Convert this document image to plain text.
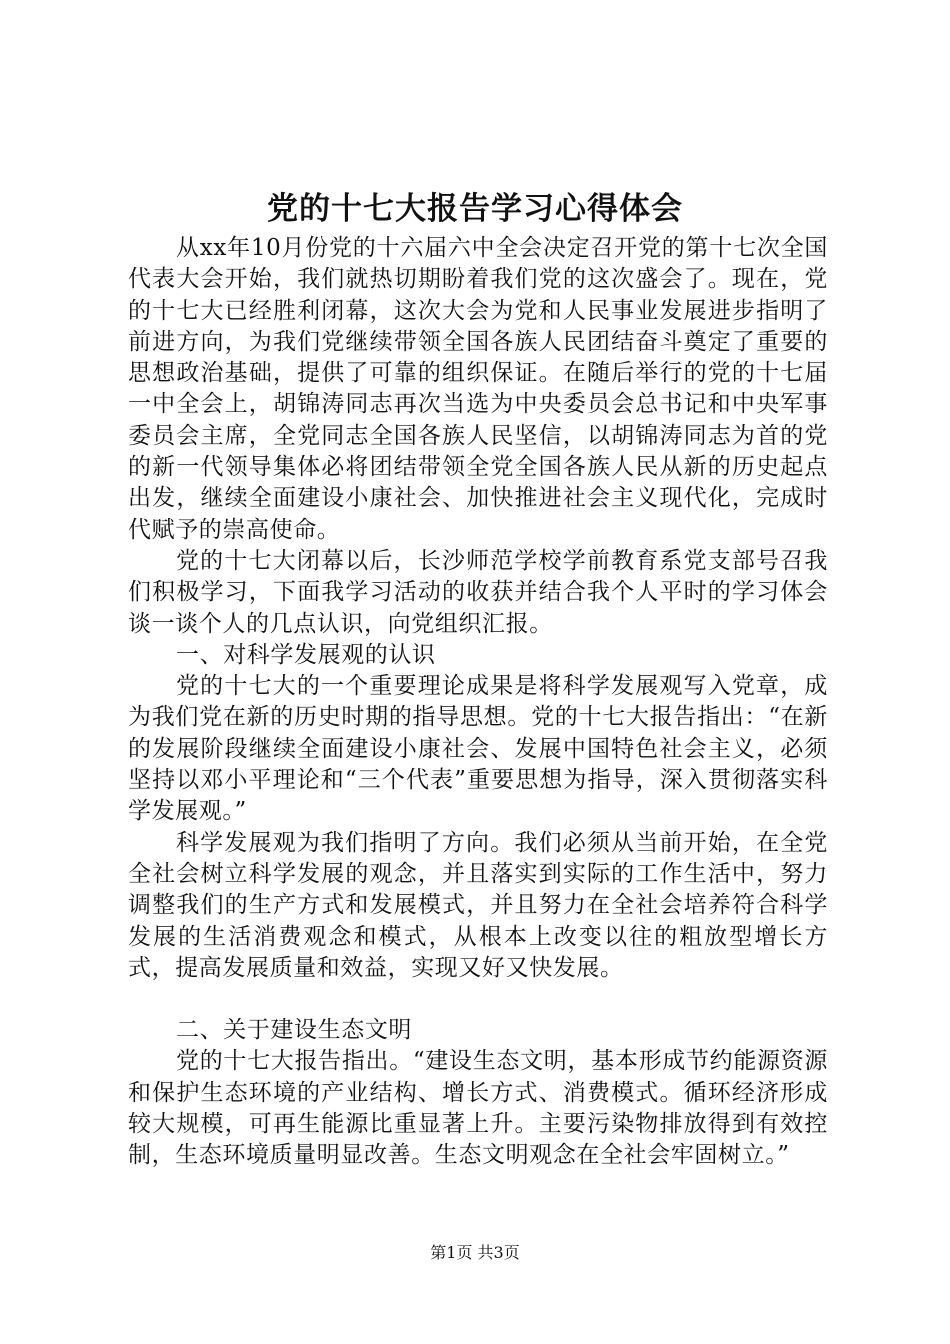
党的十七大报告学习心得体会

从xx年10月份党的十六届六中全会决定召开党的第十七次全国代表大会开始，我们就热切期盼着我们党的这次盛会了。现在，党的十七大已经胜利闭幕，这次大会为党和人民事业发展进步指明了前进方向，为我们党继续带领全国各族人民团结奋斗奠定了重要的思想政治基础，提供了可靠的组织保证。在随后举行的党的十七届一中全会上，胡锦涛同志再次当选为中央委员会总书记和中央军事委员会主席，全党同志全国各族人民坚信，以胡锦涛同志为首的党的新一代领导集体必将团结带领全党全国各族人民从新的历史起点出发，继续全面建设小康社会、加快推进社会主义现代化，完成时代赋予的崇高使命。

党的十七大闭幕以后，长沙师范学校学前教育系党支部号召我们积极学习，下面我学习活动的收获并结合我个人平时的学习体会谈一谈个人的几点认识，向党组织汇报。

一、对科学发展观的认识

党的十七大的一个重要理论成果是将科学发展观写入党章，成为我们党在新的历史时期的指导思想。党的十七大报告指出：“在新的发展阶段继续全面建设小康社会、发展中国特色社会主义，必须坚持以邓小平理论和“三个代表”重要思想为指导，深入贯彻落实科学发展观。”

科学发展观为我们指明了方向。我们必须从当前开始，在全党全社会树立科学发展的观念，并且落实到实际的工作生活中，努力调整我们的生产方式和发展模式，并且努力在全社会培养符合科学发展的生活消费观念和模式，从根本上改变以往的粗放型增长方式，提高发展质量和效益，实现又好又快发展。

二、关于建设生态文明

党的十七大报告指出。“建设生态文明，基本形成节约能源资源和保护生态环境的产业结构、增长方式、消费模式。循环经济形成较大规模，可再生能源比重显著上升。主要污染物排放得到有效控制，生态环境质量明显改善。生态文明观念在全社会牢固树立。”

第1页 共3页
